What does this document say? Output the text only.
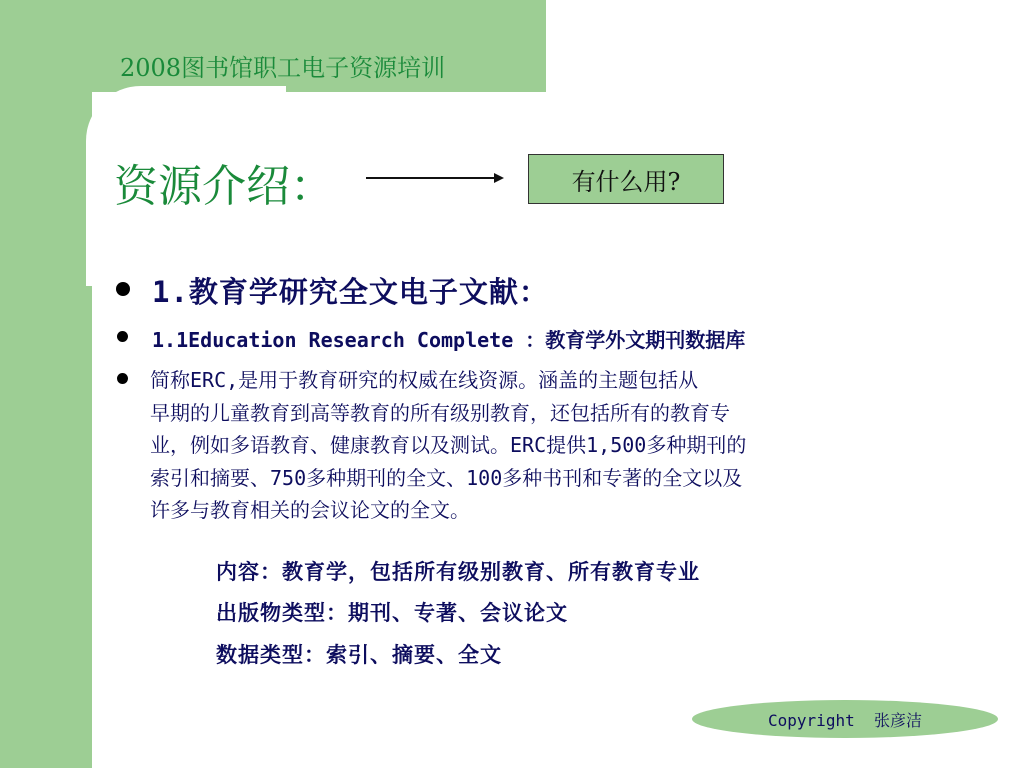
2008图书馆职工电子资源培训
资源介绍：	有什么用?
1.教育学研究全文电子文献：
1.1Education Research Complete ：教育学外文期刊数据库
简称ERC,是用于教育研究的权威在线资源。涵盖的主题包括从
早期的儿童教育到高等教育的所有级别教育，还包括所有的教育专
业，例如多语教育、健康教育以及测试。ERC提供1,500多种期刊的
索引和摘要、750多种期刊的全文、100多种书刊和专著的全文以及
许多与教育相关的会议论文的全文。
内容：教育学，包括所有级别教育、所有教育专业
出版物类型：期刊、专著、会议论文
数据类型：索引、摘要、全文
Copyright  张彦洁
